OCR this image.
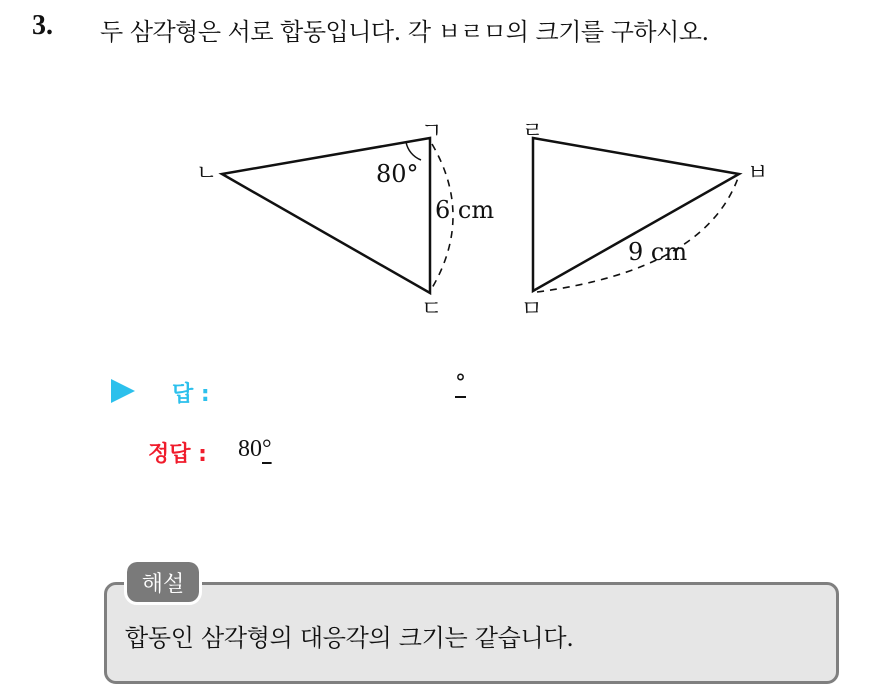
3. 두 삼각형은 서로 합동입니다. 각 ㅂㄹㅁ의 크기를 구하시오.
ㄱ
ㄴ
ㄷ
80°
6 cm
ㄹ
ㅂ
ㅁ
9 cm
답 :	°
정답 : 80°
해설
합동인 삼각형의 대응각의 크기는 같습니다.
